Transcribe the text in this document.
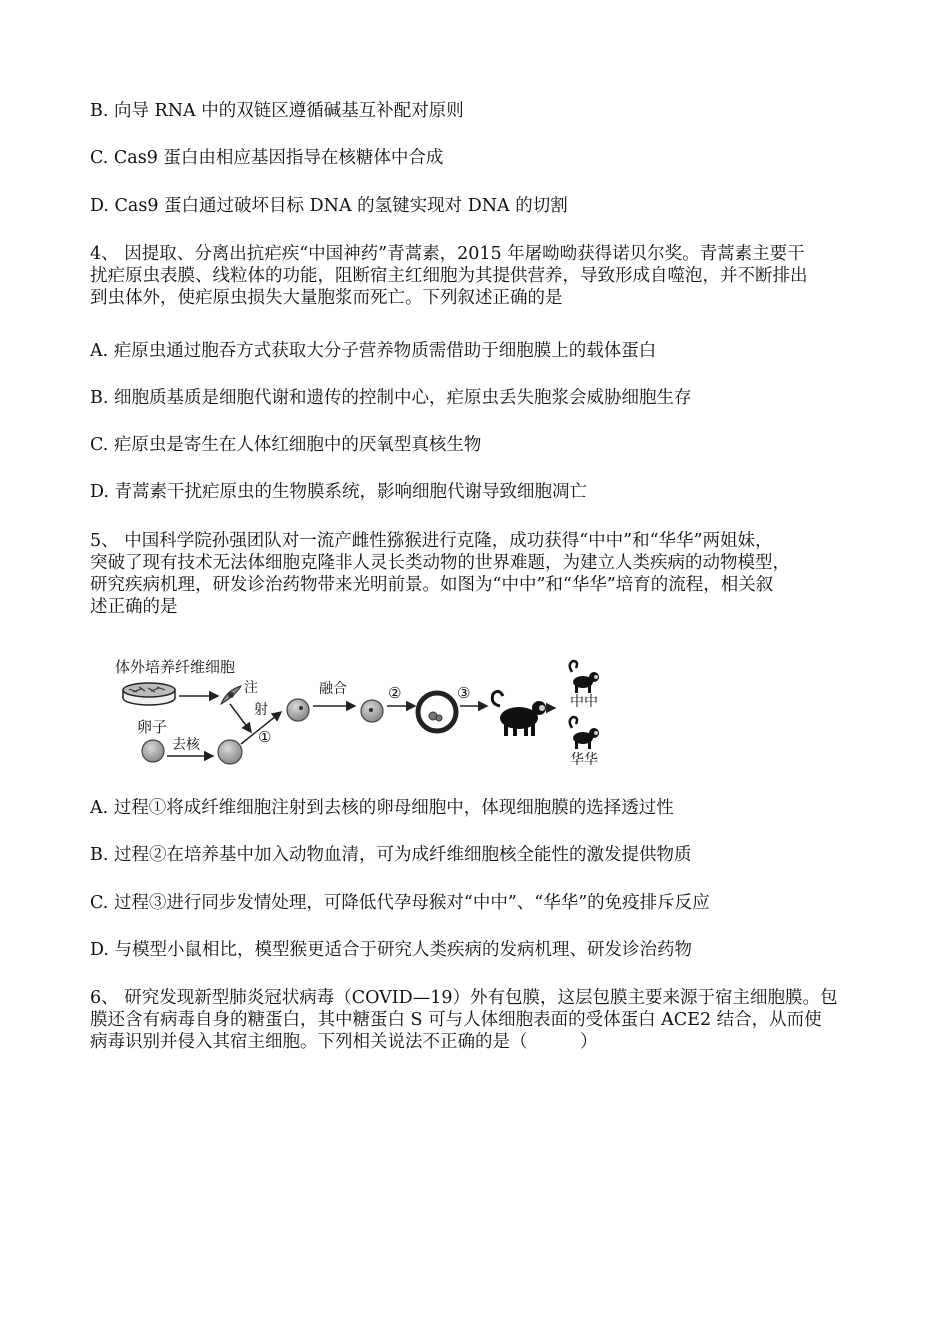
B. 向导 RNA 中的双链区遵循碱基互补配对原则
C. Cas9 蛋白由相应基因指导在核糖体中合成
D. Cas9 蛋白通过破坏目标 DNA 的氢键实现对 DNA 的切割
4、 因提取、分离出抗疟疾“中国神药”青蒿素，2015 年屠呦呦获得诺贝尔奖。青蒿素主要干
扰疟原虫表膜、线粒体的功能，阻断宿主红细胞为其提供营养，导致形成自噬泡，并不断排出
到虫体外，使疟原虫损失大量胞浆而死亡。下列叙述正确的是
A. 疟原虫通过胞吞方式获取大分子营养物质需借助于细胞膜上的载体蛋白
B. 细胞质基质是细胞代谢和遗传的控制中心，疟原虫丢失胞浆会威胁细胞生存
C. 疟原虫是寄生在人体红细胞中的厌氧型真核生物
D. 青蒿素干扰疟原虫的生物膜系统，影响细胞代谢导致细胞凋亡
5、 中国科学院孙强团队对一流产雌性猕猴进行克隆，成功获得“中中”和“华华”两姐妹，
突破了现有技术无法体细胞克隆非人灵长类动物的世界难题，为建立人类疾病的动物模型，
研究疾病机理，研发诊治药物带来光明前景。如图为“中中”和“华华”培育的流程，相关叙
述正确的是
体外培养纤维细胞
注
射
卵子
去核	①
融合	②	③	中中
华华
A. 过程①将成纤维细胞注射到去核的卵母细胞中，体现细胞膜的选择透过性
B. 过程②在培养基中加入动物血清，可为成纤维细胞核全能性的激发提供物质
C. 过程③进行同步发情处理，可降低代孕母猴对“中中”、“华华”的免疫排斥反应
D. 与模型小鼠相比，模型猴更适合于研究人类疾病的发病机理、研发诊治药物
6、 研究发现新型肺炎冠状病毒（COVID—19）外有包膜，这层包膜主要来源于宿主细胞膜。包
膜还含有病毒自身的糖蛋白，其中糖蛋白 S 可与人体细胞表面的受体蛋白 ACE2 结合，从而使
病毒识别并侵入其宿主细胞。下列相关说法不正确的是（　　　）
